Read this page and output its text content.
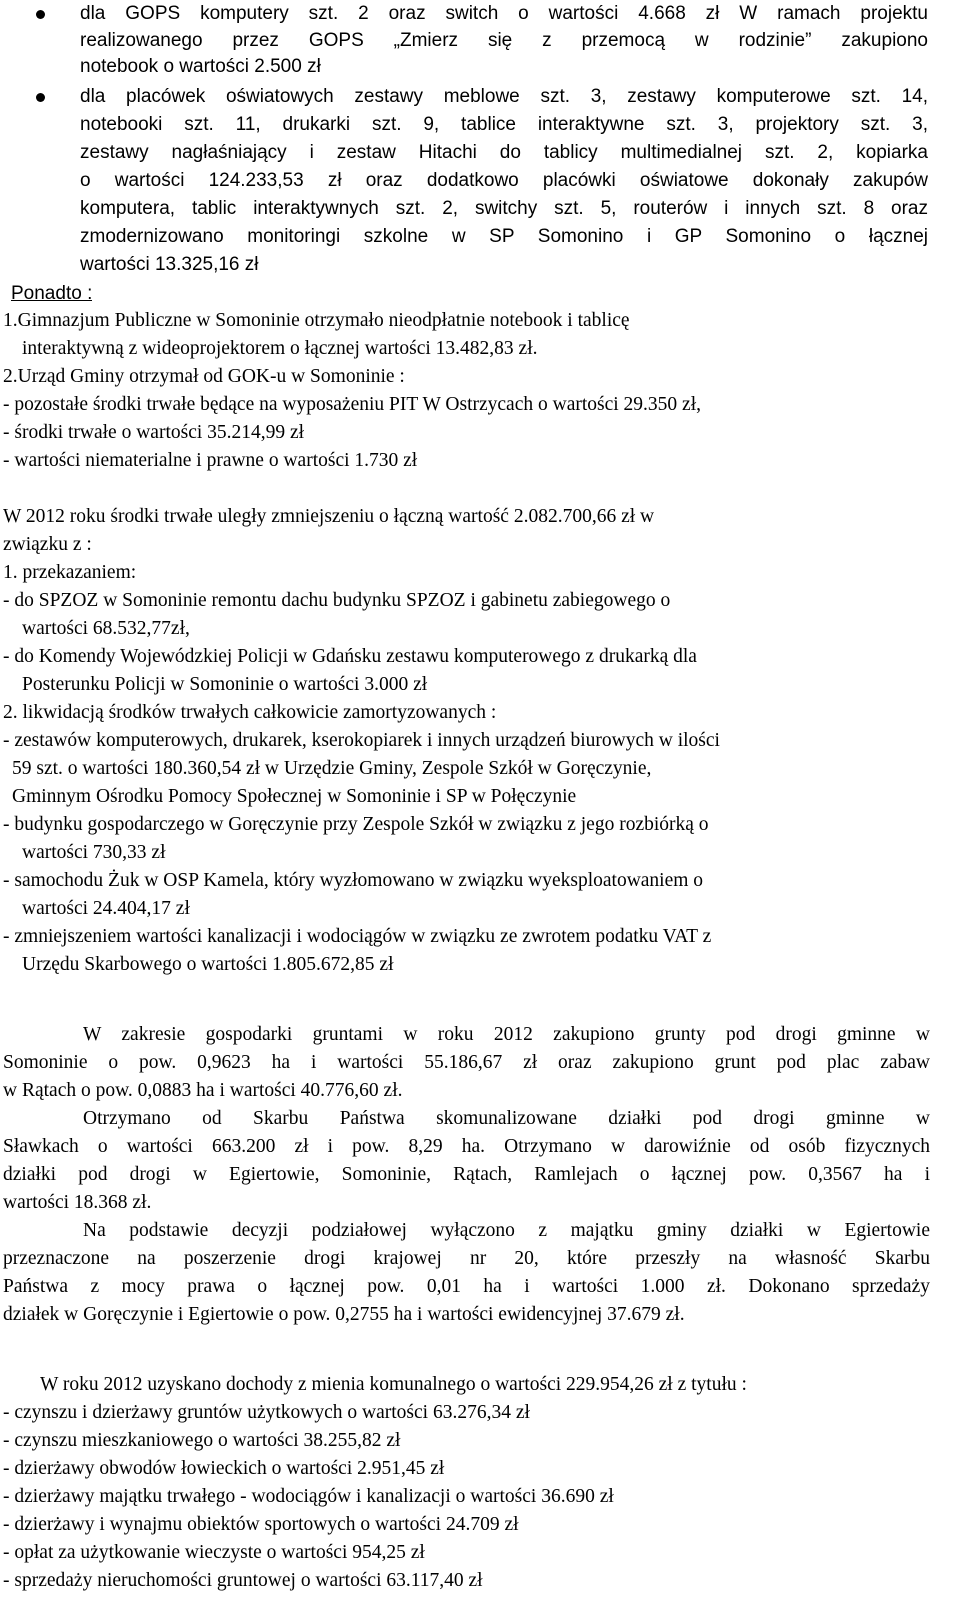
dla GOPS komputery szt. 2 oraz switch o wartości 4.668 zł W ramach projektu
realizowanego przez GOPS „Zmierz się z przemocą w rodzinie” zakupiono
notebook o wartości 2.500 zł
dla placówek oświatowych zestawy meblowe szt. 3, zestawy komputerowe szt. 14,
notebooki szt. 11, drukarki szt. 9, tablice interaktywne szt. 3, projektory szt. 3,
zestawy nagłaśniający i zestaw Hitachi do tablicy multimedialnej szt. 2, kopiarka
o wartości 124.233,53 zł oraz dodatkowo placówki oświatowe dokonały zakupów
komputera, tablic interaktywnych szt. 2, switchy szt. 5, routerów i innych szt. 8 oraz
zmodernizowano monitoringi szkolne w SP Somonino i GP Somonino o łącznej
wartości 13.325,16 zł
Ponadto :
1.Gimnazjum Publiczne w Somoninie otrzymało nieodpłatnie notebook i tablicę
interaktywną z wideoprojektorem o łącznej wartości 13.482,83 zł.
2.Urząd Gminy otrzymał od GOK-u w Somoninie :
- pozostałe środki trwałe będące na wyposażeniu PIT W Ostrzycach o wartości 29.350 zł,
- środki trwałe o wartości 35.214,99 zł
- wartości niematerialne i prawne o wartości 1.730 zł
W 2012 roku środki trwałe uległy zmniejszeniu o łączną wartość 2.082.700,66 zł w
związku z :
1. przekazaniem:
- do SPZOZ w Somoninie remontu dachu budynku SPZOZ i gabinetu zabiegowego o
wartości 68.532,77zł,
- do Komendy Wojewódzkiej Policji w Gdańsku zestawu komputerowego z drukarką dla
Posterunku Policji w Somoninie o wartości 3.000 zł
2. likwidacją środków trwałych całkowicie zamortyzowanych :
- zestawów komputerowych, drukarek, kserokopiarek i innych urządzeń biurowych w ilości
59 szt. o wartości 180.360,54 zł w Urzędzie Gminy, Zespole Szkół w Goręczynie,
Gminnym Ośrodku Pomocy Społecznej w Somoninie i SP w Połęczynie
- budynku gospodarczego w Goręczynie przy Zespole Szkół w związku z jego rozbiórką o
wartości 730,33 zł
- samochodu Żuk w OSP Kamela, który wyzłomowano w związku wyeksploatowaniem o
wartości 24.404,17 zł
- zmniejszeniem wartości kanalizacji i wodociągów w związku ze zwrotem podatku VAT z
Urzędu Skarbowego o wartości 1.805.672,85 zł
W zakresie gospodarki gruntami w roku 2012 zakupiono grunty pod drogi gminne w
Somoninie o pow. 0,9623 ha i wartości 55.186,67 zł oraz zakupiono grunt pod plac zabaw
w Rątach o pow. 0,0883 ha i wartości 40.776,60 zł.
Otrzymano od Skarbu Państwa skomunalizowane działki pod drogi gminne w
Sławkach o wartości 663.200 zł i pow. 8,29 ha. Otrzymano w darowiźnie od osób fizycznych
działki pod drogi w Egiertowie, Somoninie, Rątach, Ramlejach o łącznej pow. 0,3567 ha i
wartości 18.368 zł.
Na podstawie decyzji podziałowej wyłączono z majątku gminy działki w Egiertowie
przeznaczone na poszerzenie drogi krajowej nr 20, które przeszły na własność Skarbu
Państwa z mocy prawa o łącznej pow. 0,01 ha i wartości 1.000 zł. Dokonano sprzedaży
działek w Goręczynie i Egiertowie o pow. 0,2755 ha i wartości ewidencyjnej 37.679 zł.
W roku 2012 uzyskano dochody z mienia komunalnego o wartości 229.954,26 zł z tytułu :
- czynszu i dzierżawy gruntów użytkowych o wartości 63.276,34 zł
- czynszu mieszkaniowego o wartości 38.255,82 zł
- dzierżawy obwodów łowieckich o wartości 2.951,45 zł
- dzierżawy majątku trwałego - wodociągów i kanalizacji o wartości 36.690 zł
- dzierżawy i wynajmu obiektów sportowych o wartości 24.709 zł
- opłat za użytkowanie wieczyste o wartości 954,25 zł
- sprzedaży nieruchomości gruntowej o wartości 63.117,40 zł
